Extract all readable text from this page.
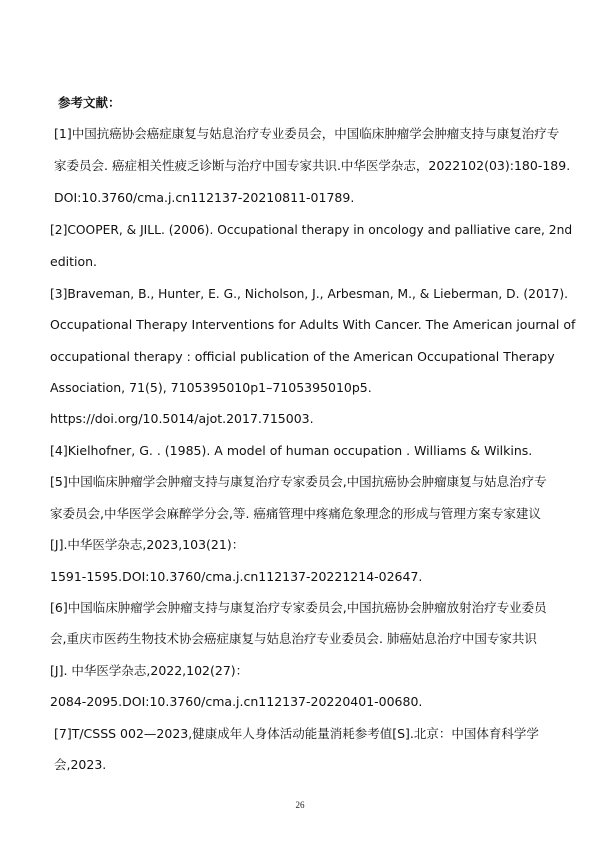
参考文献：
[1]中国抗癌协会癌症康复与姑息治疗专业委员会，中国临床肿瘤学会肿瘤支持与康复治疗专
家委员会. 癌症相关性疲乏诊断与治疗中国专家共识.中华医学杂志，2022102(03):180-189.
DOI:10.3760/cma.j.cn112137-20210811-01789.
[2]COOPER, & JILL. (2006). Occupational therapy in oncology and palliative care, 2nd
edition.
[3]Braveman, B., Hunter, E. G., Nicholson, J., Arbesman, M., & Lieberman, D. (2017).
Occupational Therapy Interventions for Adults With Cancer. The American journal of
occupational therapy : official publication of the American Occupational Therapy
Association, 71(5), 7105395010p1–7105395010p5.
https://doi.org/10.5014/ajot.2017.715003.
[4]Kielhofner, G. . (1985). A model of human occupation . Williams & Wilkins.
[5]中国临床肿瘤学会肿瘤支持与康复治疗专家委员会,中国抗癌协会肿瘤康复与姑息治疗专
家委员会,中华医学会麻醉学分会,等. 癌痛管理中疼痛危象理念的形成与管理方案专家建议
[J].中华医学杂志,2023,103(21)：
1591-1595.DOI:10.3760/cma.j.cn112137-20221214-02647.
[6]中国临床肿瘤学会肿瘤支持与康复治疗专家委员会,中国抗癌协会肿瘤放射治疗专业委员
会,重庆市医药生物技术协会癌症康复与姑息治疗专业委员会. 肺癌姑息治疗中国专家共识
[J]. 中华医学杂志,2022,102(27)：
2084-2095.DOI:10.3760/cma.j.cn112137-20220401-00680.
[7]T/CSSS 002—2023,健康成年人身体活动能量消耗参考值[S].北京：中国体育科学学
会,2023.
26
